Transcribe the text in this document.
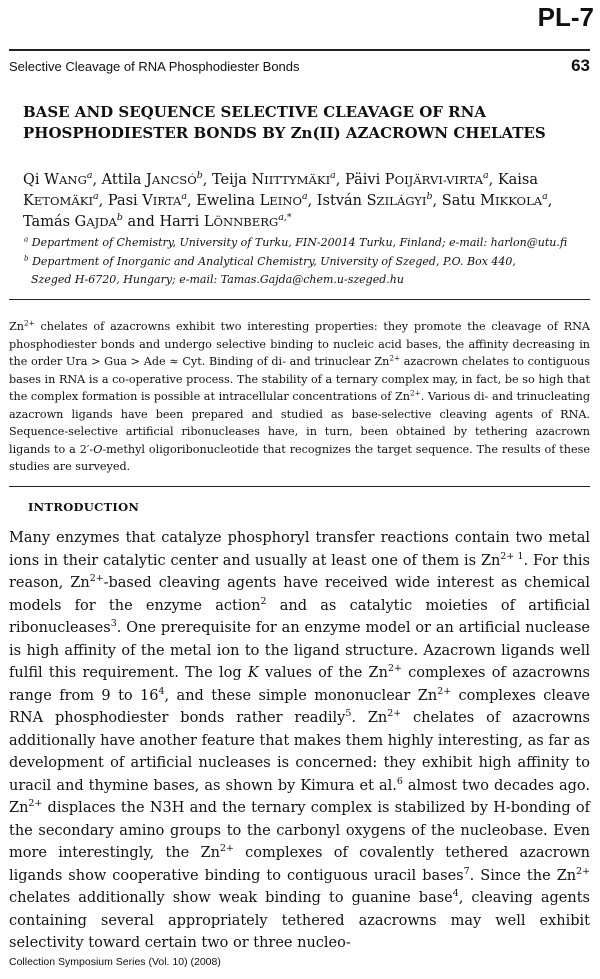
PL-7
Selective Cleavage of RNA Phosphodiester Bonds	63
BASE AND SEQUENCE SELECTIVE CLEAVAGE OF RNA PHOSPHODIESTER BONDS BY Zn(II) AZACROWN CHELATES
Qi WANG$^a$, Attila JANCSÓ$^b$, Teija NIITTYMÄKI$^a$, Päivi POIJÄRVI-VIRTA$^a$, Kaisa KETOMÄKI$^a$, Pasi VIRTA$^a$, Ewelina LEINO$^a$, István SZILÁGYI$^b$, Satu MIKKOLA$^a$, Tamás GAJDA$^b$ and Harri $LÖNNBERG^{a,*}$
$^a$ Department of Chemistry, University of Turku, FIN-20014 Turku, Finland; e-mail: harlon@utu.fi
$^b$ Department of Inorganic and Analytical Chemistry, University of Szeged, P.O. Box 440,
Szeged H-6720, Hungary; e-mail: Tamas.Gajda@chem.u-szeged.hu

$Zn^{2+}$ chelates of azacrowns exhibit two interesting properties: they promote the cleavage of RNA phosphodiester bonds and undergo selective binding to nucleic acid bases, the affinity decreasing in the order Ura > Gua > Ade ≈ Cyt. Binding of di- and trinuclear $Zn^{2+}$ azacrown chelates to contiguous bases in RNA is a co-operative process. The stability of a ternary complex may, in fact, be so high that the complex formation is possible at intracellular concentrations of $Zn^{2+}$. Various di- and trinucleating azacrown ligands have been prepared and studied as base-selective cleaving agents of RNA. Sequence-selective artificial ribonucleases have, in turn, been obtained by tethering azacrown ligands to a 2′-O-methyl oligoribonucleotide that recognizes the target sequence. The results of these studies are surveyed.

INTRODUCTION

Many enzymes that catalyze phosphoryl transfer reactions contain two metal ions in their catalytic center and usually at least one of them is $Zn^{2+ 1}$. For this reason, $Zn^{2+}$-based cleaving agents have received wide interest as chemical models for the enzyme action$^2$ and as catalytic moieties of artificial ribonucleases$^3$. One prerequisite for an enzyme model or an artificial nuclease is high affinity of the metal ion to the ligand structure. Azacrown ligands well fulfil this requirement. The log K values of the $Zn^{2+}$ complexes of azacrowns range from 9 to $16^4$, and these simple mononuclear $Zn^{2+}$ complexes cleave RNA phosphodiester bonds rather readily$^5$. $Zn^{2+}$ chelates of azacrowns additionally have another feature that makes them highly interesting, as far as development of artificial nucleases is concerned: they exhibit high affinity to uracil and thymine bases, as shown by Kimura et al.$^6$ almost two decades ago. $Zn^{2+}$ displaces the N3H and the ternary complex is stabilized by H-bonding of the secondary amino groups to the carbonyl oxygens of the nucleobase. Even more interestingly, the $Zn^{2+}$ complexes of covalently tethered azacrown ligands show cooperative binding to contiguous uracil bases$^7$. Since the $Zn^{2+}$ chelates additionally show weak binding to guanine base$^4$, cleaving agents containing several appropriately tethered azacrowns may well exhibit selectivity toward certain two or three nucleo-

Collection Symposium Series (Vol. 10) (2008)
